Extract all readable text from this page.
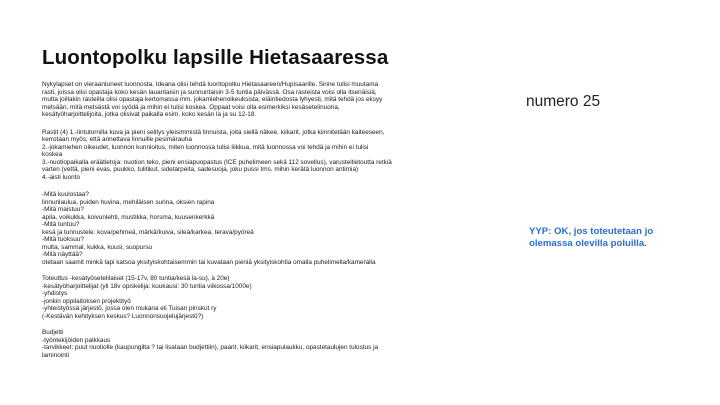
Luontopolku lapsille Hietasaaressa

Nykylapset on vieraantuneet luonnosta. Ideana olisi tehdä luontopolku Hietasaareen/Hupisaarille. Sinne tulisi muutama

rasti, joissa olisi opastaja koko kesän lauantaisin ja sunnuntaisin 3-5 tuntia päivässä. Osa rasteista voisi olla itsenäisiä,

mutta joillakin rasteilla olisi opastaja kertomassa mm. jokamiehenoikeuksista, eläintiedosta lyhyesti, mitä tehdä jos eksyy

metsään, mitä metsästä voi syödä ja mihin ei tulisi koskea. Oppaat voisi olla esimerkiksi kesäsetelinuoria,

kesätyöharjoittelijoita, jotka olisivat paikalla esim. koko kesän la ja su 12-18.

Rastit (4) 1.-lintutornilla kuva ja pieni selitys yleisimmistä linnuista, joita siellä näkee, kiikarit, jotka kiinnitetään kaiteeseen,

kerrotaan myös, että annettava linnuille pesimärauha

2.-jokamiehen oikeudet, luonnon kunnioitus, miten luonnossa tulisi liikkua, mitä luonnossa voi tehdä ja mihin ei tulisi

koskea

3.-nuotiopaikalla eräätietoja: nuotion teko, pieni ensiapuopastus (ICE puhelimeen sekä 112 sovellus), varusteitietoutta retkiä

varten (vettä, pieni evas, puukko, tulitikut, sidetarpeita, sadesuoja, joku pussi tms. mihin kerätä luonnon antimia)

4.-aisti luonto

-Mitä kuulostaa?

linnunlaulua, puiden huvina, mehiläisen surina, oksien rapina

-Mitä maistuu?

apila, voikukka, koivunlehti, mustikka, horsma, kuusenkerkkä

-Mitä tuntuu?

kesä ja tunnustele: kova/pehmeä, märkä/kuiva, sileä/karkea, terava/pyöreä

-Mitä tuoksuu?

multa, sammal, kukka, kuusi, suopursu

-Mitä näyttää?

otetaan saamit minkä lapi katsoa yksityiskohtaisemmin tai kuvataan pieniä yksityiskohtia omalla puhelimella/kameralla

Toteuttus -kesätyösetelilaiset (15-17v, 80 tuntia/kesä la-su), à 20e)

-kesätyöharjoittelijat (yli 18v opiskelija: kuukausi: 30 tuntia viikossa/1000e)

-yhdistys

-jonkin oppilaitoksen projektityö

-yhteistyössä järjestö, jossa olen mukana eli Tuisan pinskut ry

(-Kestävän kehityksen keskus? Luonnonsuojelujärjestö?)

Budjetti

-työntekijöiden palkkaus

-tarvikkeet: puut nuotiolle (kaupungilta ? tai lisataan budjettiin), paarit, kiikarit, ensiapulaukku, opastetaulujen tulostus ja

laminointi

numero 25

YYP: OK, jos toteutetaan jo

olemassa olevilla poluilla.
